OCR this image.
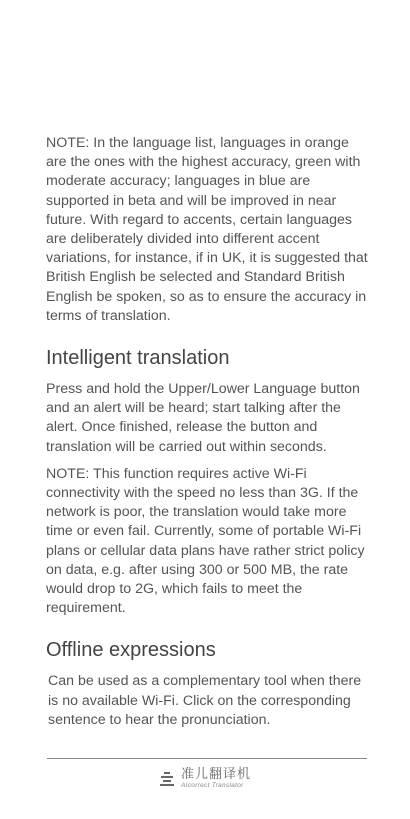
NOTE: In the language list, languages in orange are the ones with the highest accuracy, green with moderate accuracy; languages in blue are supported in beta and will be improved in near future. With regard to accents, certain languages are deliberately divided into different accent variations, for instance, if in UK, it is suggested that British English be selected and Standard British English be spoken, so as to ensure the accuracy in terms of translation.

Intelligent translation

Press and hold the Upper/Lower Language button and an alert will be heard; start talking after the alert. Once finished, release the button and translation will be carried out within seconds.

NOTE: This function requires active Wi-Fi connectivity with the speed no less than 3G. If the network is poor, the translation would take more time or even fail. Currently, some of portable Wi-Fi plans or cellular data plans have rather strict policy on data, e.g. after using 300 or 500 MB, the rate would drop to 2G, which fails to meet the requirement.

Offline expressions

Can be used as a complementary tool when there is no available Wi-Fi. Click on the corresponding sentence to hear the pronunciation.

准儿翻译机
AIcorrect Translator
